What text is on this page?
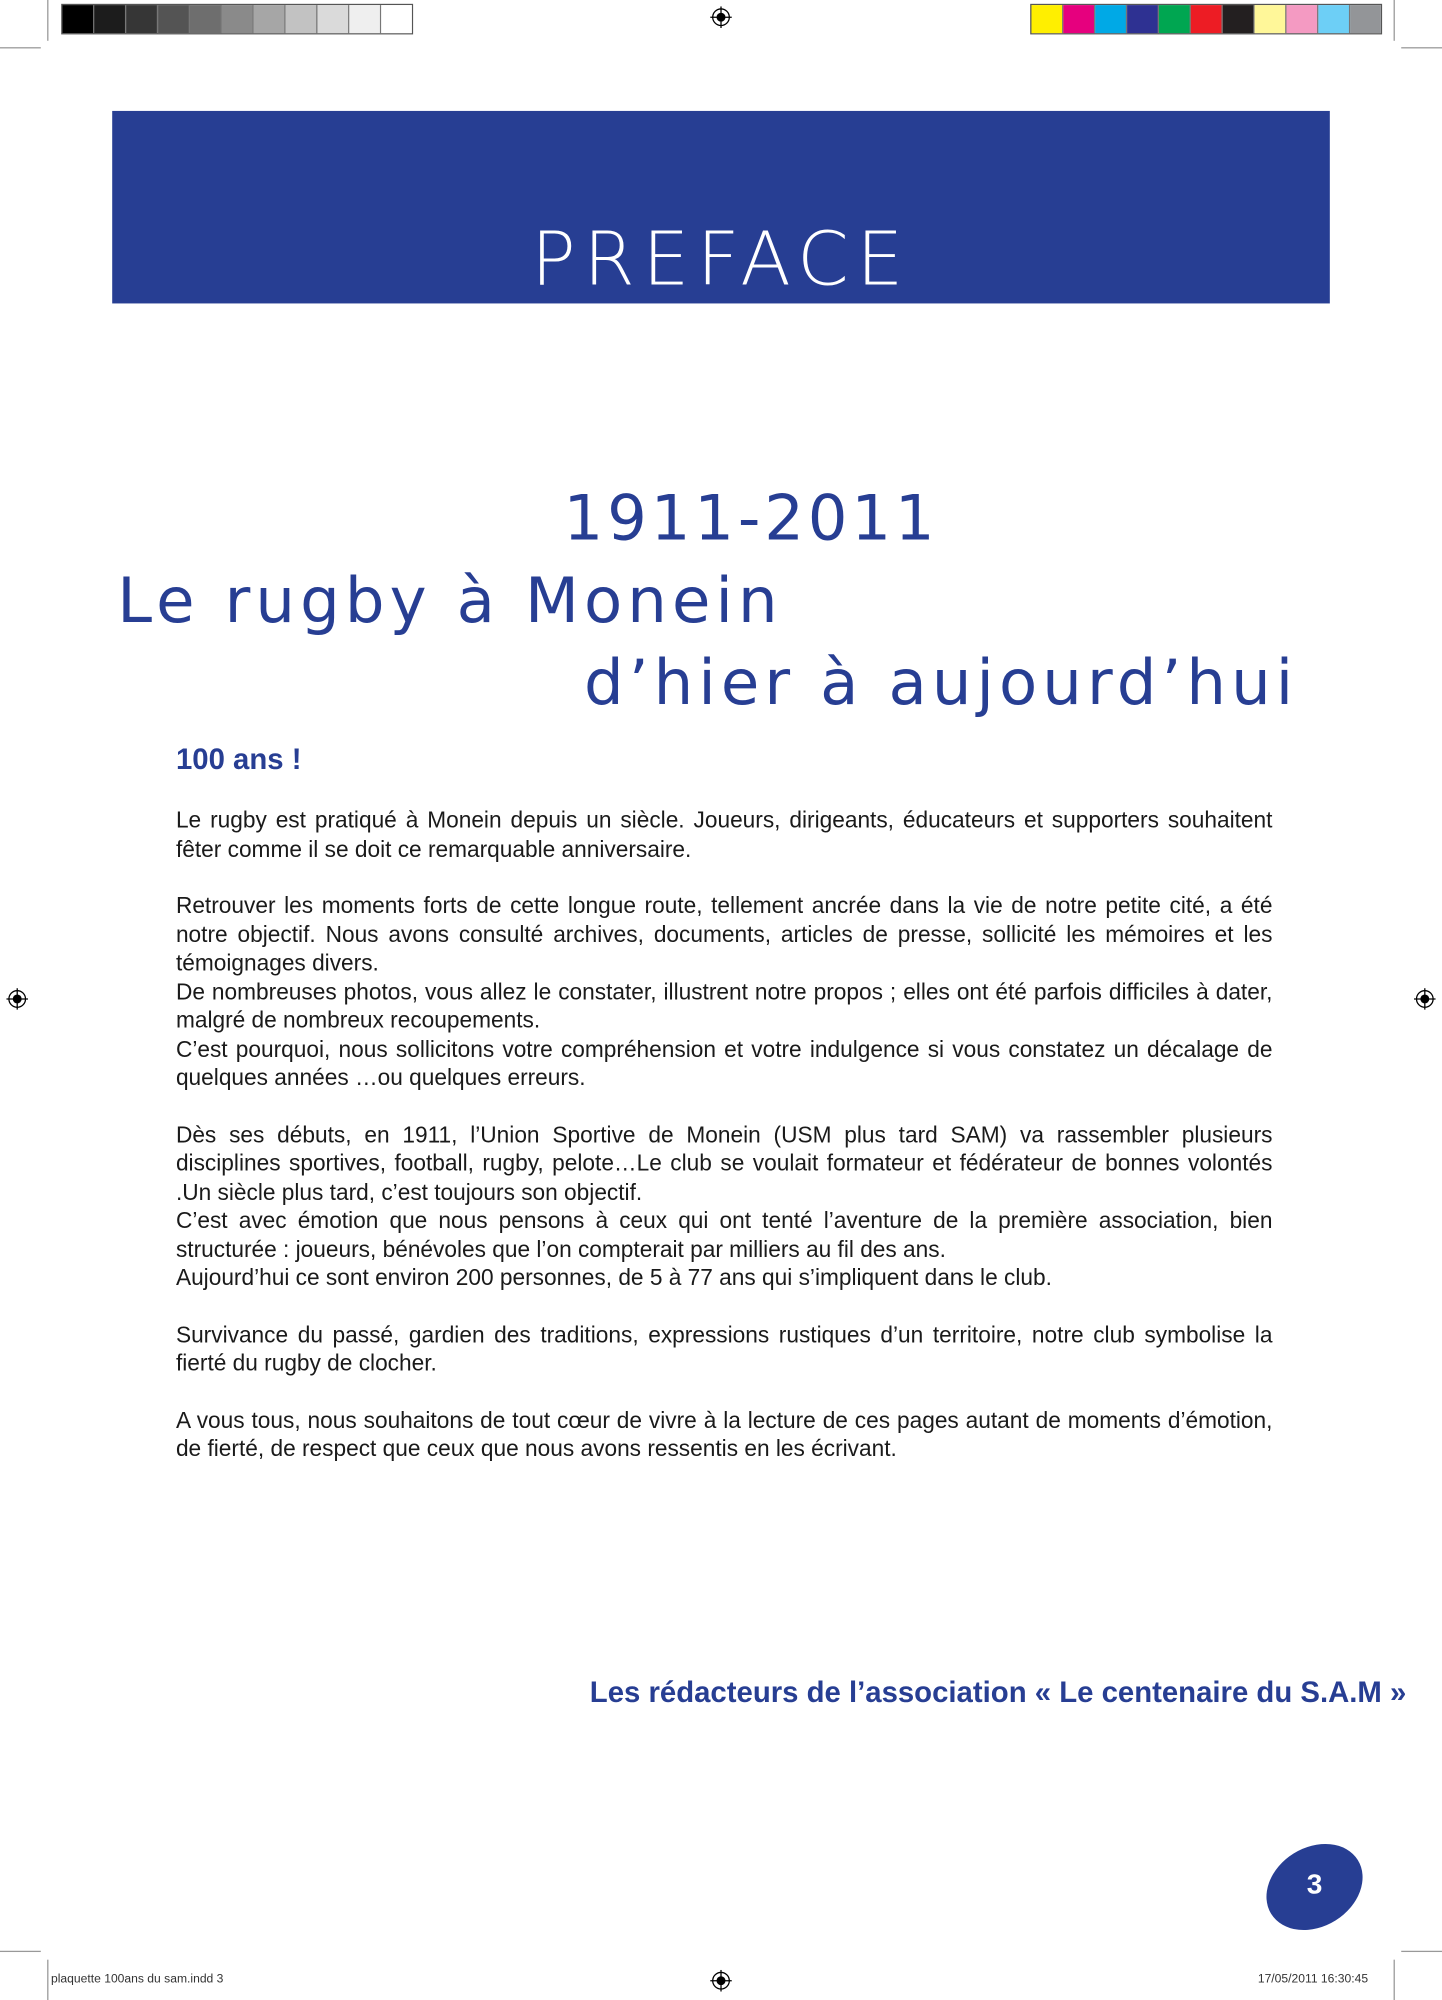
PREFACE
1911-2011
Le rugby à Monein
d’hier à aujourd’hui
100 ans !

Le rugby est pratiqué à Monein depuis un siècle. Joueurs, dirigeants, éducateurs et supporters souhaitent fêter comme il se doit ce remarquable anniversaire.

Retrouver les moments forts de cette longue route, tellement ancrée dans la vie de notre petite cité, a été notre objectif. Nous avons consulté archives, documents, articles de presse, sollicité les mémoires et les témoignages divers.

De nombreuses photos, vous allez le constater, illustrent notre propos ; elles ont été parfois difficiles à dater, malgré de nombreux recoupements.

C’est pourquoi, nous sollicitons votre compréhension et votre indulgence si vous constatez un décalage de quelques années …ou quelques erreurs.

Dès ses débuts, en 1911, l’Union Sportive de Monein (USM plus tard SAM) va rassembler plusieurs disciplines sportives, football, rugby, pelote…Le club se voulait formateur et fédérateur de bonnes volontés .Un siècle plus tard, c’est toujours son objectif.

C’est avec émotion que nous pensons à ceux qui ont tenté l’aventure de la première association, bien structurée : joueurs, bénévoles que l’on compterait par milliers au fil des ans.

Aujourd’hui ce sont environ 200 personnes, de 5 à 77 ans qui s’impliquent dans le club.

Survivance du passé, gardien des traditions, expressions rustiques d’un territoire, notre club symbolise la fierté du rugby de clocher.

A vous tous, nous souhaitons de tout cœur de vivre à la lecture de ces pages autant de moments d’émotion, de fierté, de respect que ceux que nous avons ressentis en les écrivant.

Les rédacteurs de l’association « Le centenaire du S.A.M »
3
plaquette 100ans du sam.indd 3	17/05/2011 16:30:45
